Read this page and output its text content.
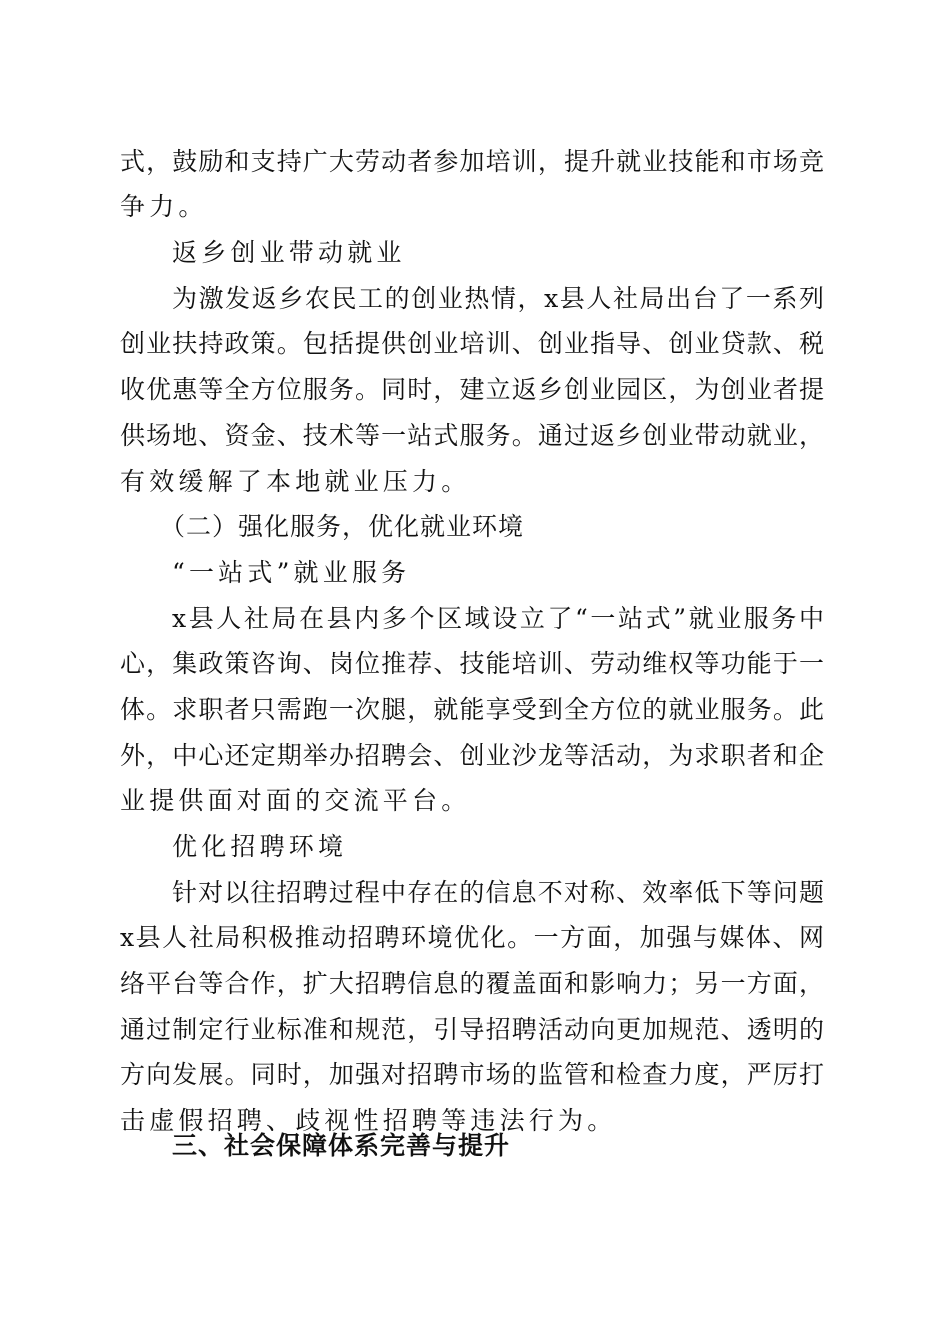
式，鼓励和支持广大劳动者参加培训，提升就业技能和市场竞
争力。
返乡创业带动就业
为激发返乡农民工的创业热情，x县人社局出台了一系列
创业扶持政策。包括提供创业培训、创业指导、创业贷款、税
收优惠等全方位服务。同时，建立返乡创业园区，为创业者提
供场地、资金、技术等一站式服务。通过返乡创业带动就业，
有效缓解了本地就业压力。
（二）强化服务，优化就业环境
“一站式”就业服务
x县人社局在县内多个区域设立了“一站式”就业服务中
心，集政策咨询、岗位推荐、技能培训、劳动维权等功能于一
体。求职者只需跑一次腿，就能享受到全方位的就业服务。此
外，中心还定期举办招聘会、创业沙龙等活动，为求职者和企
业提供面对面的交流平台。
优化招聘环境
针对以往招聘过程中存在的信息不对称、效率低下等问题
x县人社局积极推动招聘环境优化。一方面，加强与媒体、网
络平台等合作，扩大招聘信息的覆盖面和影响力；另一方面，
通过制定行业标准和规范，引导招聘活动向更加规范、透明的
方向发展。同时，加强对招聘市场的监管和检查力度，严厉打
击虚假招聘、歧视性招聘等违法行为。
三、社会保障体系完善与提升
